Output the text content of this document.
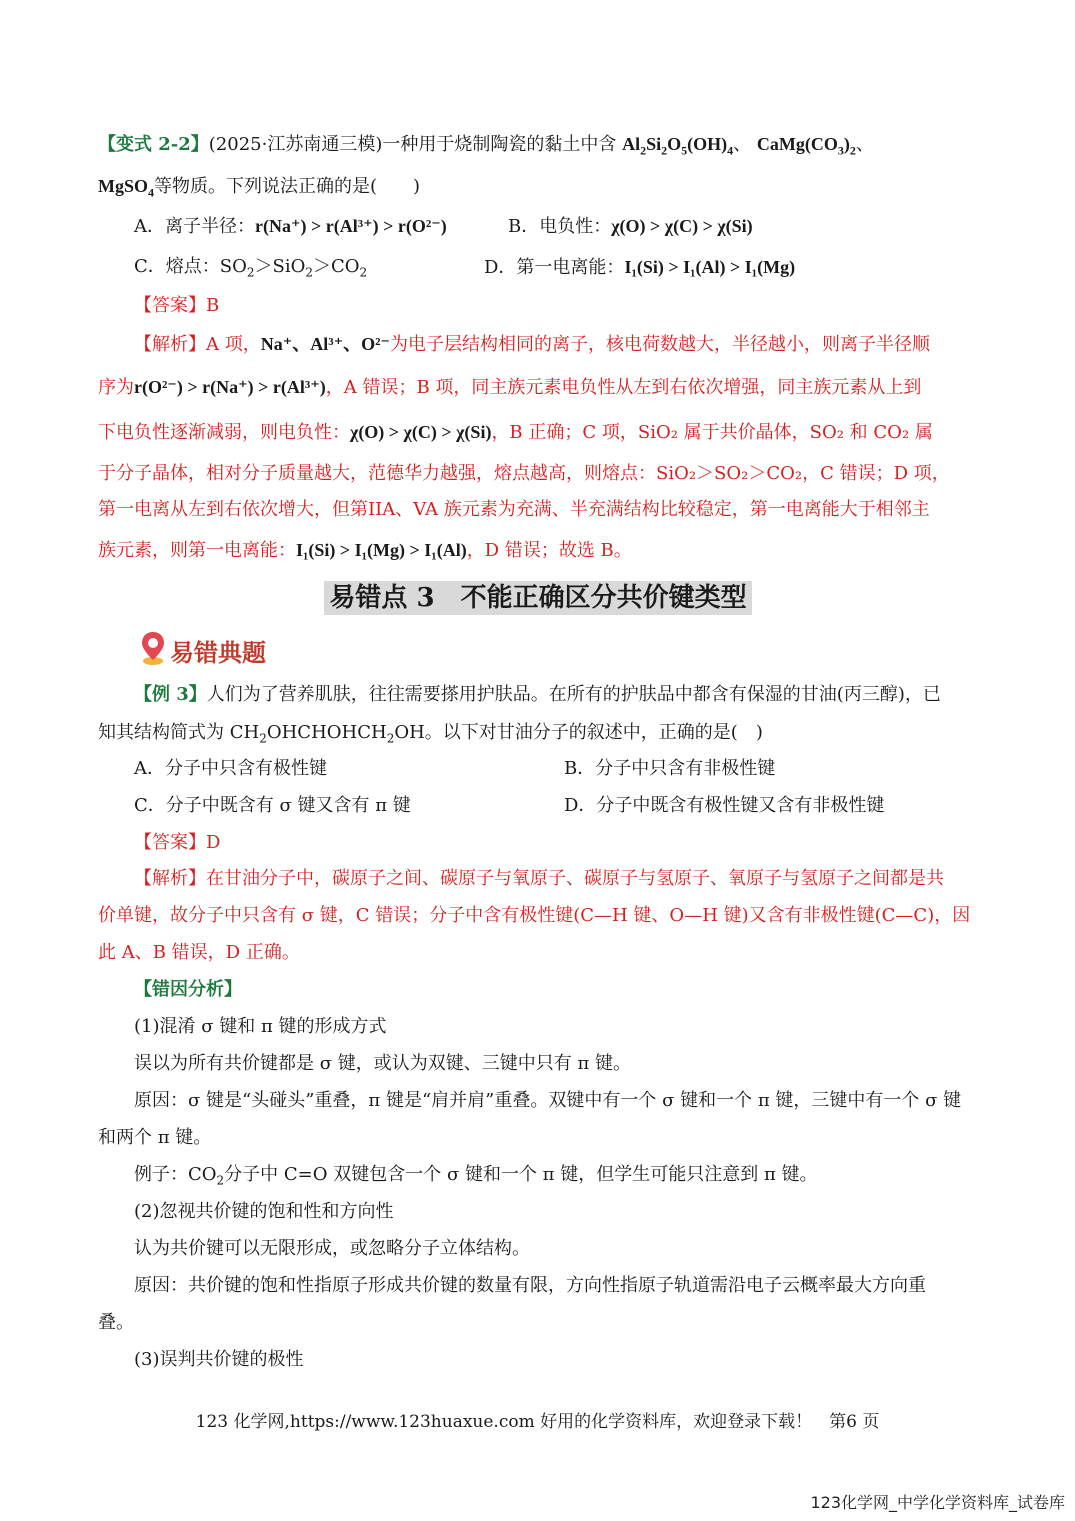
【变式 2-2】(2025·江苏南通三模)一种用于烧制陶瓷的黏土中含 $Al_2Si_2O_5(OH)_4$、 $CaMg(CO_3)_2$、
MgSO$_4$等物质。下列说法正确的是(　　)
A．离子半径：r(Na⁺) > r(Al³⁺) > r(O²⁻)	B．电负性：χ(O) > χ(C) > χ(Si)
C．熔点：$SO_2>SiO_2>CO_2$	D．第一电离能：I₁(Si) > I₁(Al) > I₁(Mg)
【答案】B
【解析】A 项，Na⁺、Al³⁺、O²⁻为电子层结构相同的离子，核电荷数越大，半径越小，则离子半径顺
序为r(O²⁻) > r(Na⁺) > r(Al³⁺)，A 错误；B 项，同主族元素电负性从左到右依次增强，同主族元素从上到
下电负性逐渐减弱，则电负性：χ(O) > χ(C) > χ(Si)，B 正确；C 项，SiO₂ 属于共价晶体，SO₂ 和 CO₂ 属
于分子晶体，相对分子质量越大，范德华力越强，熔点越高，则熔点：SiO₂＞SO₂＞CO₂，C 错误；D 项，
第一电离从左到右依次增大，但第IIA、VA 族元素为充满、半充满结构比较稳定，第一电离能大于相邻主
族元素，则第一电离能：I₁(Si) > I₁(Mg) > I₁(Al)，D 错误；故选 B。
易错点 3　不能正确区分共价键类型
易错典题
【例 3】人们为了营养肌肤，往往需要搽用护肤品。在所有的护肤品中都含有保湿的甘油(丙三醇)，已
知其结构简式为 $CH_2OHCHOHCH_2OH$。以下对甘油分子的叙述中，正确的是(　)
A．分子中只含有极性键	B．分子中只含有非极性键
C．分子中既含有 σ 键又含有 π 键	D．分子中既含有极性键又含有非极性键
【答案】D
【解析】在甘油分子中，碳原子之间、碳原子与氧原子、碳原子与氢原子、氧原子与氢原子之间都是共
价单键，故分子中只含有 σ 键，C 错误；分子中含有极性键(C—H 键、O—H 键)又含有非极性键(C—C)，因
此 A、B 错误，D 正确。
【错因分析】
(1)混淆 σ 键和 π 键的形成方式
误以为所有共价键都是 σ 键，或认为双键、三键中只有 π 键。
原因：σ 键是“头碰头”重叠，π 键是“肩并肩”重叠。双键中有一个 σ 键和一个 π 键，三键中有一个 σ 键
和两个 π 键。
例子：$CO_2$分子中 C=O 双键包含一个 σ 键和一个 π 键，但学生可能只注意到 π 键。
(2)忽视共价键的饱和性和方向性
认为共价键可以无限形成，或忽略分子立体结构。
原因：共价键的饱和性指原子形成共价键的数量有限，方向性指原子轨道需沿电子云概率最大方向重
叠。
(3)误判共价键的极性
123 化学网,https://www.123huaxue.com 好用的化学资料库，欢迎登录下载！　第6 页
123化学网_中学化学资料库_试卷库
